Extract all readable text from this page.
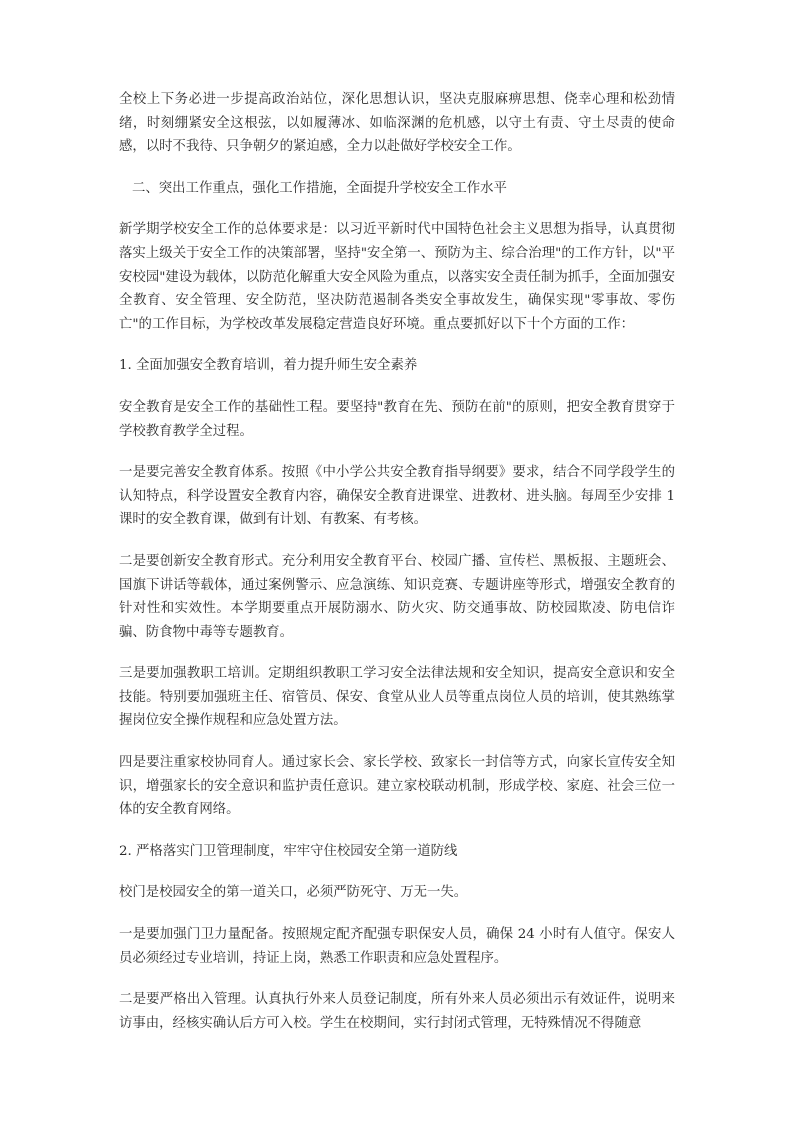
全校上下务必进一步提高政治站位，深化思想认识，坚决克服麻痹思想、侥幸心理和松劲情绪，时刻绷紧安全这根弦，以如履薄冰、如临深渊的危机感，以守土有责、守土尽责的使命感，以时不我待、只争朝夕的紧迫感，全力以赴做好学校安全工作。

二、突出工作重点，强化工作措施，全面提升学校安全工作水平

新学期学校安全工作的总体要求是：以习近平新时代中国特色社会主义思想为指导，认真贯彻落实上级关于安全工作的决策部署，坚持"安全第一、预防为主、综合治理"的工作方针，以"平安校园"建设为载体，以防范化解重大安全风险为重点，以落实安全责任制为抓手，全面加强安全教育、安全管理、安全防范，坚决防范遏制各类安全事故发生，确保实现"零事故、零伤亡"的工作目标，为学校改革发展稳定营造良好环境。重点要抓好以下十个方面的工作：

1. 全面加强安全教育培训，着力提升师生安全素养

安全教育是安全工作的基础性工程。要坚持"教育在先、预防在前"的原则，把安全教育贯穿于学校教育教学全过程。

一是要完善安全教育体系。按照《中小学公共安全教育指导纲要》要求，结合不同学段学生的认知特点，科学设置安全教育内容，确保安全教育进课堂、进教材、进头脑。每周至少安排 1 课时的安全教育课，做到有计划、有教案、有考核。

二是要创新安全教育形式。充分利用安全教育平台、校园广播、宣传栏、黑板报、主题班会、国旗下讲话等载体，通过案例警示、应急演练、知识竞赛、专题讲座等形式，增强安全教育的针对性和实效性。本学期要重点开展防溺水、防火灾、防交通事故、防校园欺凌、防电信诈骗、防食物中毒等专题教育。

三是要加强教职工培训。定期组织教职工学习安全法律法规和安全知识，提高安全意识和安全技能。特别要加强班主任、宿管员、保安、食堂从业人员等重点岗位人员的培训，使其熟练掌握岗位安全操作规程和应急处置方法。

四是要注重家校协同育人。通过家长会、家长学校、致家长一封信等方式，向家长宣传安全知识，增强家长的安全意识和监护责任意识。建立家校联动机制，形成学校、家庭、社会三位一体的安全教育网络。

2. 严格落实门卫管理制度，牢牢守住校园安全第一道防线

校门是校园安全的第一道关口，必须严防死守、万无一失。

一是要加强门卫力量配备。按照规定配齐配强专职保安人员，确保 24 小时有人值守。保安人员必须经过专业培训，持证上岗，熟悉工作职责和应急处置程序。

二是要严格出入管理。认真执行外来人员登记制度，所有外来人员必须出示有效证件，说明来访事由，经核实确认后方可入校。学生在校期间，实行封闭式管理，无特殊情况不得随意
